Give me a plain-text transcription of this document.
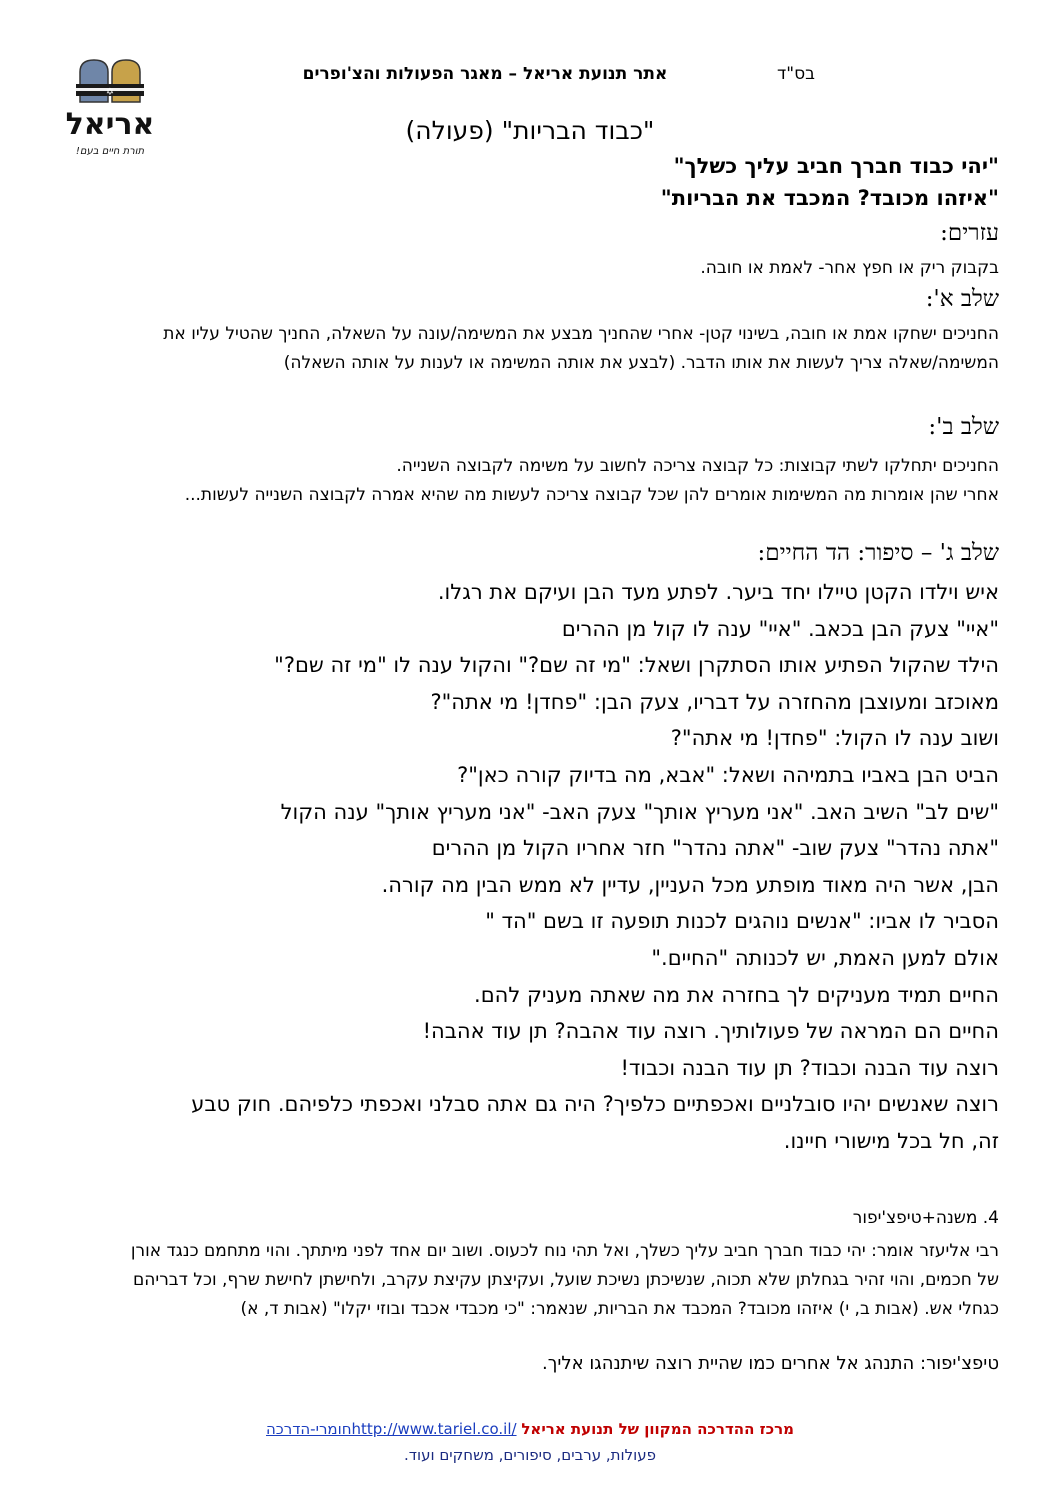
בס"ד
אתר תנועת אריאל – מאגר הפעולות והצ'ופרים
✡
אריאל
תורת חיים בעם!
"כבוד הבריות" (פעולה)
"יהי כבוד חברך חביב עליך כשלך"
"איזהו מכובד? המכבד את הבריות"
עזרים:
בקבוק ריק או חפץ אחר- לאמת או חובה.
שלב א':
החניכים ישחקו אמת או חובה, בשינוי קטן- אחרי שהחניך מבצע את המשימה/עונה על השאלה, החניך שהטיל עליו את המשימה/שאלה צריך לעשות את אותו הדבר. (לבצע את אותה המשימה או לענות על אותה השאלה)
שלב ב':
החניכים יתחלקו לשתי קבוצות: כל קבוצה צריכה לחשוב על משימה לקבוצה השנייה.
אחרי שהן אומרות מה המשימות אומרים להן שכל קבוצה צריכה לעשות מה שהיא אמרה לקבוצה השנייה לעשות...
שלב ג' – סיפור: הד החיים:
איש וילדו הקטן טיילו יחד ביער. לפתע מעד הבן ועיקם את רגלו.
"איי" צעק הבן בכאב. "איי" ענה לו קול מן ההרים
הילד שהקול הפתיע אותו הסתקרן ושאל: "מי זה שם?" והקול ענה לו "מי זה שם?"
מאוכזב ומעוצבן מהחזרה על דבריו, צעק הבן: "פחדן! מי אתה"?
ושוב ענה לו הקול: "פחדן! מי אתה"?
הביט הבן באביו בתמיהה ושאל: "אבא, מה בדיוק קורה כאן"?
"שים לב" השיב האב. "אני מעריץ אותך" צעק האב- "אני מעריץ אותך" ענה הקול
"אתה נהדר" צעק שוב- "אתה נהדר" חזר אחריו הקול מן ההרים
הבן, אשר היה מאוד מופתע מכל העניין, עדיין לא ממש הבין מה קורה.
הסביר לו אביו: "אנשים נוהגים לכנות תופעה זו בשם "הד "
אולם למען האמת, יש לכנותה "החיים."
החיים תמיד מעניקים לך בחזרה את מה שאתה מעניק להם.
החיים הם המראה של פעולותיך. רוצה עוד אהבה? תן עוד אהבה!
רוצה עוד הבנה וכבוד? תן עוד הבנה וכבוד!
רוצה שאנשים יהיו סובלניים ואכפתיים כלפיך? היה גם אתה סבלני ואכפתי כלפיהם. חוק טבע
זה, חל בכל מישורי חיינו.
4. משנה+טיפצ'יפור
רבי אליעזר אומר: יהי כבוד חברך חביב עליך כשלך, ואל תהי נוח לכעוס. ושוב יום אחד לפני מיתתך. והוי מתחמם כנגד אורן של חכמים, והוי זהיר בגחלתן שלא תכוה, שנשיכתן נשיכת שועל, ועקיצתן עקיצת עקרב, ולחישתן לחישת שרף, וכל דבריהם כגחלי אש. (אבות ב, י) איזהו מכובד? המכבד את הבריות, שנאמר: "כי מכבדי אכבד ובוזי יקלו" (אבות ד, א)
טיפצ'יפור: התנהג אל אחרים כמו שהיית רוצה שיתנהגו אליך.
מרכז ההדרכה המקוון של תנועת אריאל /http://www.tariel.co.ilחומרי-הדרכה
פעולות, ערבים, סיפורים, משחקים ועוד.
